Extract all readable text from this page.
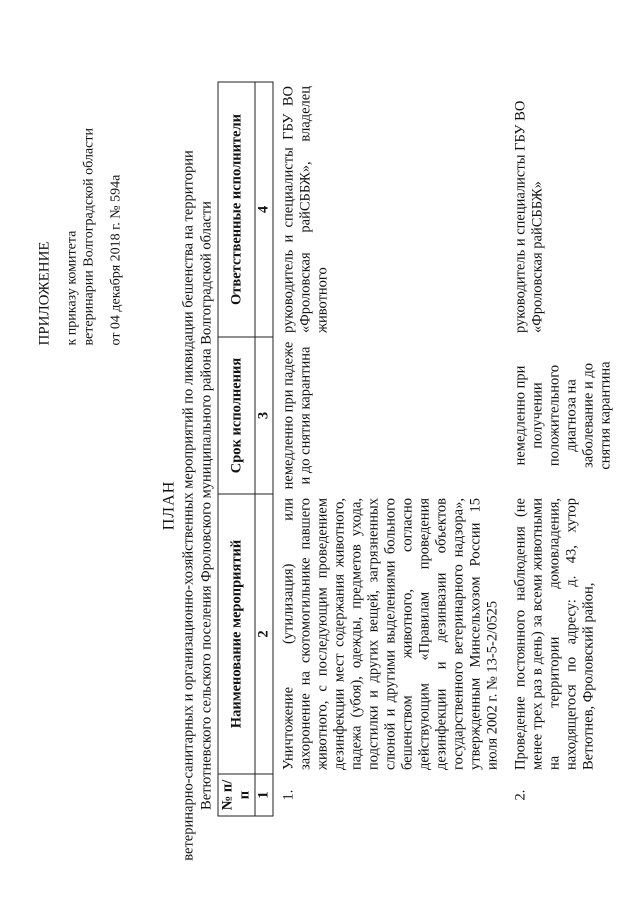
ПРИЛОЖЕНИЕ к приказу комитета ветеринарии Волгоградской области от 04 декабря 2018 г. № 594а
ПЛАН ветеринарно-санитарных и организационно-хозяйственных мероприятий по ликвидации бешенства на территории Ветютневского сельского поселения Фроловского муниципального района Волгоградской области № п/п	Наименование мероприятий	Срок исполнения	Ответственные исполнители
1	2	3	4
1.	Уничтожение (утилизация) или захоронение на скотомогильнике павшего животного, с последующим проведением дезинфекции мест содержания животного, падежа (убоя), одежды, предметов ухода, подстилки и других вещей, загрязненных слюной и другими выделениями больного бешенством животного, согласно действующим «Правилам проведения дезинфекции и дезинвазии объектов государственного ветеринарного надзора», утвержденным Минсельхозом России 15 июля 2002 г. № 13-5-2/0525	немедленно при падеже и до снятия карантина	руководитель и специалисты ГБУ ВО «Фроловская райСББЖ», владелец животного
2.	Проведение постоянного наблюдения (не менее трех раз в день) за всеми животными на территории домовладения, находящегося по адресу: д. 43, хутор Ветютнев, Фроловский район,	немедленно при получении положительного диагноза на заболевание и до снятия карантина	руководитель и специалисты ГБУ ВО «Фроловская райСББЖ»
